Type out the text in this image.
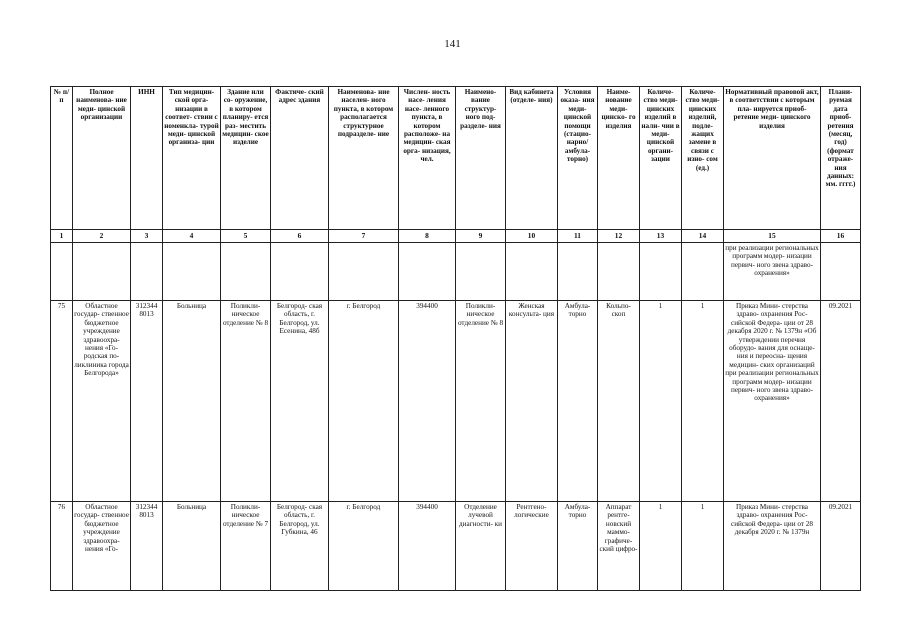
141
№ п/п	Полное наименова- ние меди- цинской организации	ИНН	Тип медицин- ской орга- низации в соответ- ствии с номенкла- турой меди- цинской организа- ции	Здание или со- оружение, в котором планиру- ется раз- местить медицин- ское изделие	Фактиче- ский адрес здания	Наименова- ние населен- ного пункта, в котором располагается структурное подразделе- ние	Числен- ность насе- ления насе- ленного пункта, в котором расположе- на медицин- ская орга- низация, чел.	Наимено- вание структур- ного под- разделе- ния	Вид кабинета (отделе- ния)	Условия оказа- ния меди- цинской помощи (стацио- нарно/ амбула- торно)	Наиме- нование меди- цинско- го изделия	Количе- ство меди- цинских изделий в нали- чии в меди- цинской органи- зации	Количе- ство меди- цинских изделий, подле- жащих замене в связи с изно- сом (ед.)	Нормативный правовой акт, в соответствии с которым пла- нируется приоб- ретение меди- цинского изделия	Плани- руемая дата приоб- ретения (месяц, год) (формат отраже- ния данных: мм. гггг.)
1	2	3	4	5	6	7	8	9	10	11	12	13	14	15	16
														при реализации региональных программ модер- низации первич- ного звена здраво- охранения»	
75	Областное государ- ственное бюджетное учреждение здравоохра- нения «Го- родская по- ликлиника города Белгорода»	312344 8013	Больница	Поликли- ническое отделение № 8	Белгород- ская область, г. Белгород, ул. Есенина, 48б	г. Белгород	394400	Поликли- ническое отделение № 8	Женская консульта- ция	Амбула- торно	Кольпо- скоп	1	1	Приказ Мини- стерства здраво- охранения Рос- сийской Федера- ции от 28 декабря 2020 г. № 1379н «Об утверждении перечня оборудо- вания для оснаще- ния и переосна- щения медицин- ских организаций при реализации региональных программ модер- низации первич- ного звена здраво- охранения»	09.2021
76	Областное государ- ственное бюджетное учреждение здравоохра- нения «Го-	312344 8013	Больница	Поликли- ническое отделение № 7	Белгород- ская область, г. Белгород, ул. Губкина, 46	г. Белгород	394400	Отделение лучевой диагности- ки	Рентгено- логические	Амбула- торно	Аппарат рентге- новский маммо- графиче- ский цифро-	1	1	Приказ Мини- стерства здраво- охранения Рос- сийской Федера- ции от 28 декабря 2020 г. № 1379н	09.2021
